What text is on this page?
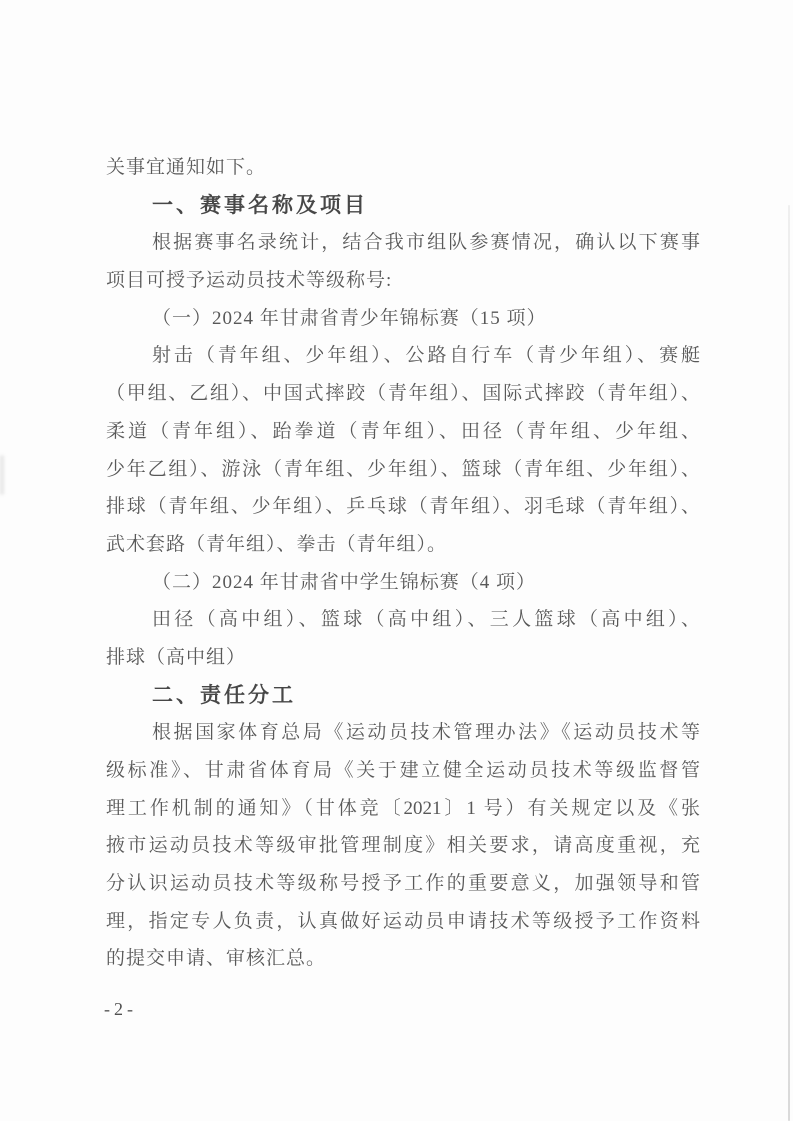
关事宜通知如下。
一、赛事名称及项目
根据赛事名录统计，结合我市组队参赛情况，确认以下赛事
项目可授予运动员技术等级称号:
（一）2024 年甘肃省青少年锦标赛（15 项）
射击（青年组、少年组）、公路自行车（青少年组）、赛艇
（甲组、乙组）、中国式摔跤（青年组）、国际式摔跤（青年组）、
柔道（青年组）、跆拳道（青年组）、田径（青年组、少年组、
少年乙组）、游泳（青年组、少年组）、篮球（青年组、少年组）、
排球（青年组、少年组）、乒乓球（青年组）、羽毛球（青年组）、
武术套路（青年组）、拳击（青年组）。
（二）2024 年甘肃省中学生锦标赛（4 项）
田径（高中组）、篮球（高中组）、三人篮球（高中组）、
排球（高中组）
二、责任分工
根据国家体育总局《运动员技术管理办法》《运动员技术等
级标准》、甘肃省体育局《关于建立健全运动员技术等级监督管
理工作机制的通知》（甘体竞〔2021〕1 号）有关规定以及《张
掖市运动员技术等级审批管理制度》相关要求，请高度重视，充
分认识运动员技术等级称号授予工作的重要意义，加强领导和管
理，指定专人负责，认真做好运动员申请技术等级授予工作资料
的提交申请、审核汇总。
-2-
